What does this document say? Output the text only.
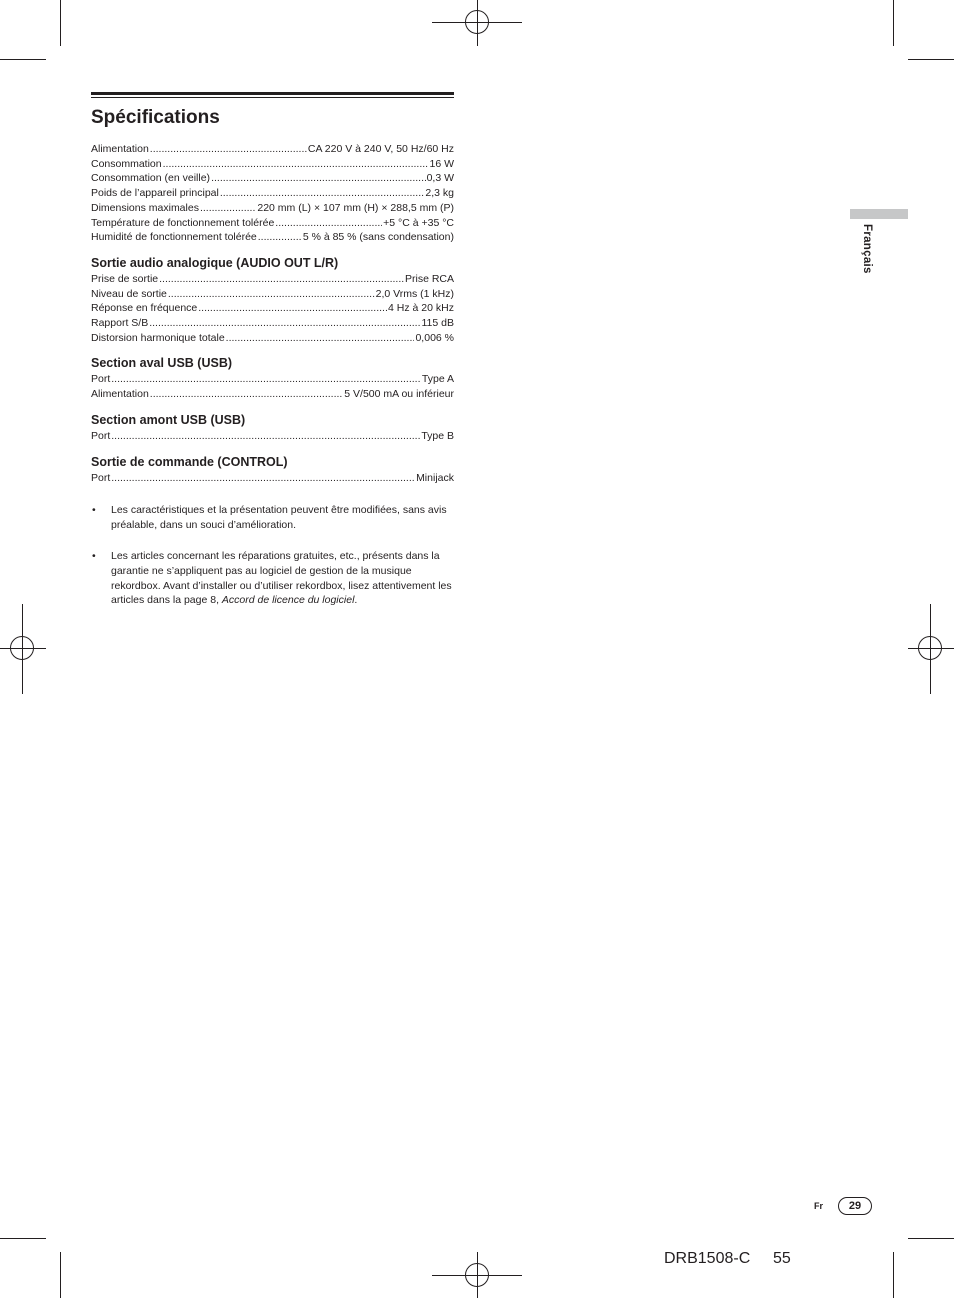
Spécifications
Alimentation .....	CA 220 V à 240 V, 50 Hz/60 Hz
Consommation .....	16 W
Consommation (en veille) .....	0,3 W
Poids de l’appareil principal .....	2,3 kg
Dimensions maximales .....	220 mm (L) × 107 mm (H) × 288,5 mm (P)
Température de fonctionnement tolérée .....	+5 °C à +35 °C
Humidité de fonctionnement tolérée .....	5 % à 85 % (sans condensation)
Sortie audio analogique (AUDIO OUT L/R)
Prise de sortie .....	Prise RCA
Niveau de sortie .....	2,0 Vrms (1 kHz)
Réponse en fréquence .....	4 Hz à 20 kHz
Rapport S/B .....	115 dB
Distorsion harmonique totale .....	0,006 %
Section aval USB (USB)
Port .....	Type A
Alimentation .....	5 V/500 mA ou inférieur
Section amont USB (USB)
Port .....	Type B
Sortie de commande (CONTROL)
Port .....	Minijack
•	Les caractéristiques et la présentation peuvent être modifiées, sans avis préalable, dans un souci d’amélioration.
•	Les articles concernant les réparations gratuites, etc., présents dans la garantie ne s’appliquent pas au logiciel de gestion de la musique rekordbox. Avant d’installer ou d’utiliser rekordbox, lisez attentivement les articles dans la page 8, Accord de licence du logiciel.
Français
Fr	29
DRB1508-C 55
